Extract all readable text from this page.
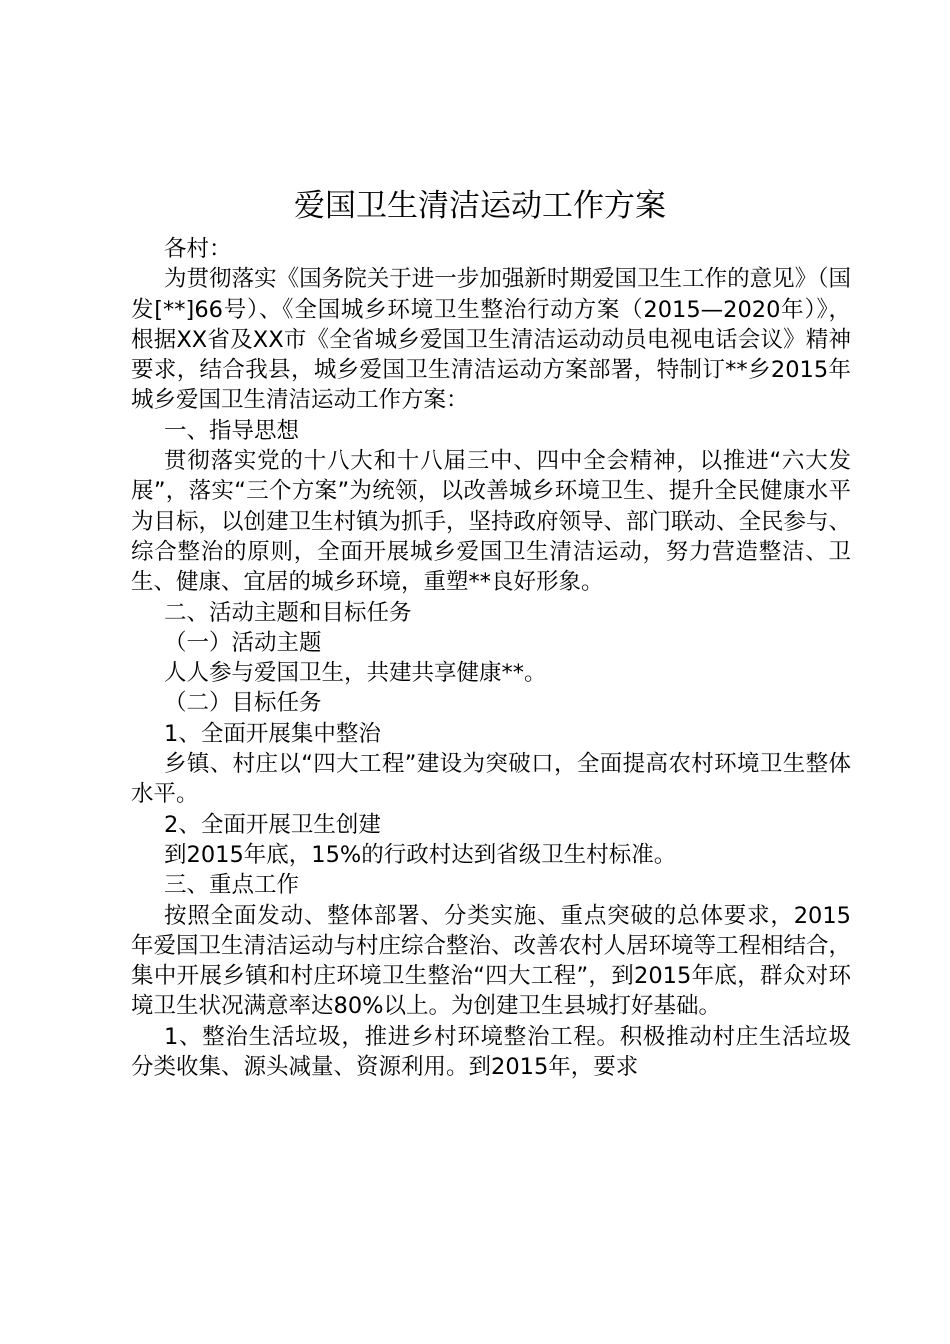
爱国卫生清洁运动工作方案

各村：

为贯彻落实《国务院关于进一步加强新时期爱国卫生工作的意见》（国发[**]66号）、《全国城乡环境卫生整治行动方案（2015—2020年）》，根据XX省及XX市《全省城乡爱国卫生清洁运动动员电视电话会议》精神要求，结合我县，城乡爱国卫生清洁运动方案部署，特制订**乡2015年城乡爱国卫生清洁运动工作方案：

一、指导思想

贯彻落实党的十八大和十八届三中、四中全会精神，以推进“六大发展”，落实“三个方案”为统领，以改善城乡环境卫生、提升全民健康水平为目标，以创建卫生村镇为抓手，坚持政府领导、部门联动、全民参与、综合整治的原则，全面开展城乡爱国卫生清洁运动，努力营造整洁、卫生、健康、宜居的城乡环境，重塑**良好形象。

二、活动主题和目标任务

（一）活动主题

人人参与爱国卫生，共建共享健康**。

（二）目标任务

1、全面开展集中整治

乡镇、村庄以“四大工程”建设为突破口，全面提高农村环境卫生整体水平。

2、全面开展卫生创建

到2015年底，15%的行政村达到省级卫生村标准。

三、重点工作

按照全面发动、整体部署、分类实施、重点突破的总体要求，2015年爱国卫生清洁运动与村庄综合整治、改善农村人居环境等工程相结合，集中开展乡镇和村庄环境卫生整治“四大工程”，到2015年底，群众对环境卫生状况满意率达80%以上。为创建卫生县城打好基础。

1、整治生活垃圾，推进乡村环境整治工程。积极推动村庄生活垃圾分类收集、源头减量、资源利用。到2015年，要求
